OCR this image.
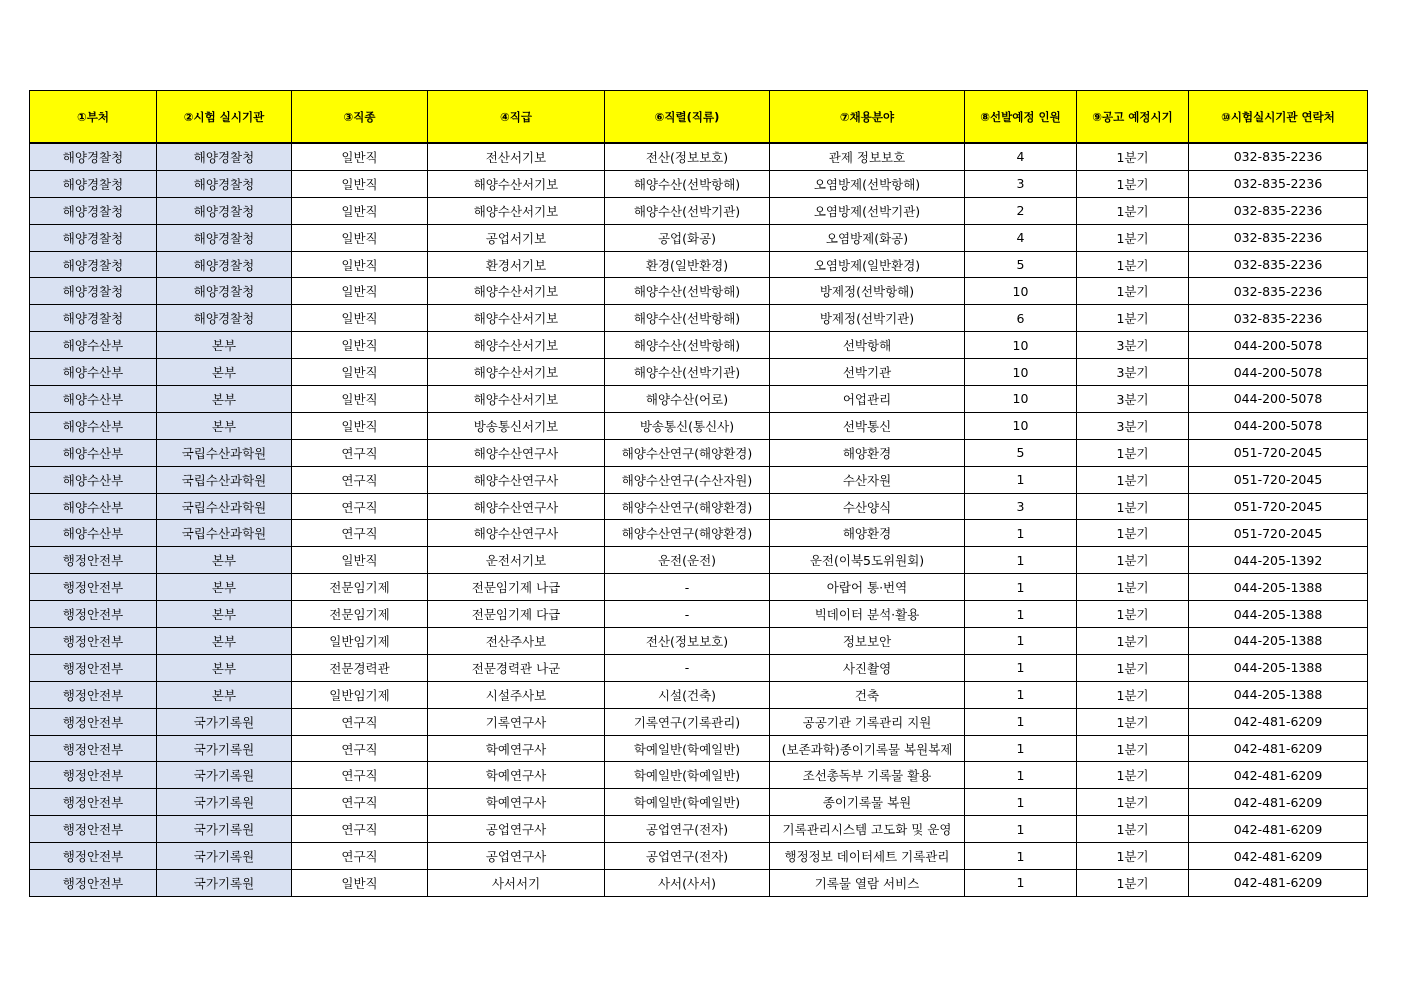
①부처	②시험 실시기관	③직종	④직급	⑥직렬(직류)	⑦채용분야	⑧선발예정 인원	⑨공고 예정시기	⑩시험실시기관 연락처
해양경찰청	해양경찰청	일반직	전산서기보	전산(정보보호)	관제 정보보호	4	1분기	032-835-2236
해양경찰청	해양경찰청	일반직	해양수산서기보	해양수산(선박항해)	오염방제(선박항해)	3	1분기	032-835-2236
해양경찰청	해양경찰청	일반직	해양수산서기보	해양수산(선박기관)	오염방제(선박기관)	2	1분기	032-835-2236
해양경찰청	해양경찰청	일반직	공업서기보	공업(화공)	오염방제(화공)	4	1분기	032-835-2236
해양경찰청	해양경찰청	일반직	환경서기보	환경(일반환경)	오염방제(일반환경)	5	1분기	032-835-2236
해양경찰청	해양경찰청	일반직	해양수산서기보	해양수산(선박항해)	방제정(선박항해)	10	1분기	032-835-2236
해양경찰청	해양경찰청	일반직	해양수산서기보	해양수산(선박항해)	방제정(선박기관)	6	1분기	032-835-2236
해양수산부	본부	일반직	해양수산서기보	해양수산(선박항해)	선박항해	10	3분기	044-200-5078
해양수산부	본부	일반직	해양수산서기보	해양수산(선박기관)	선박기관	10	3분기	044-200-5078
해양수산부	본부	일반직	해양수산서기보	해양수산(어로)	어업관리	10	3분기	044-200-5078
해양수산부	본부	일반직	방송통신서기보	방송통신(통신사)	선박통신	10	3분기	044-200-5078
해양수산부	국립수산과학원	연구직	해양수산연구사	해양수산연구(해양환경)	해양환경	5	1분기	051-720-2045
해양수산부	국립수산과학원	연구직	해양수산연구사	해양수산연구(수산자원)	수산자원	1	1분기	051-720-2045
해양수산부	국립수산과학원	연구직	해양수산연구사	해양수산연구(해양환경)	수산양식	3	1분기	051-720-2045
해양수산부	국립수산과학원	연구직	해양수산연구사	해양수산연구(해양환경)	해양환경	1	1분기	051-720-2045
행정안전부	본부	일반직	운전서기보	운전(운전)	운전(이북5도위원회)	1	1분기	044-205-1392
행정안전부	본부	전문임기제	전문임기제 나급	-	아랍어 통·번역	1	1분기	044-205-1388
행정안전부	본부	전문임기제	전문임기제 다급	-	빅데이터 분석·활용	1	1분기	044-205-1388
행정안전부	본부	일반임기제	전산주사보	전산(정보보호)	정보보안	1	1분기	044-205-1388
행정안전부	본부	전문경력관	전문경력관 나군	-	사진촬영	1	1분기	044-205-1388
행정안전부	본부	일반임기제	시설주사보	시설(건축)	건축	1	1분기	044-205-1388
행정안전부	국가기록원	연구직	기록연구사	기록연구(기록관리)	공공기관 기록관리 지원	1	1분기	042-481-6209
행정안전부	국가기록원	연구직	학예연구사	학예일반(학예일반)	(보존과학)종이기록물 복원복제	1	1분기	042-481-6209
행정안전부	국가기록원	연구직	학예연구사	학예일반(학예일반)	조선총독부 기록물 활용	1	1분기	042-481-6209
행정안전부	국가기록원	연구직	학예연구사	학예일반(학예일반)	종이기록물 복원	1	1분기	042-481-6209
행정안전부	국가기록원	연구직	공업연구사	공업연구(전자)	기록관리시스템 고도화 및 운영	1	1분기	042-481-6209
행정안전부	국가기록원	연구직	공업연구사	공업연구(전자)	행정정보 데이터세트 기록관리	1	1분기	042-481-6209
행정안전부	국가기록원	일반직	사서서기	사서(사서)	기록물 열람 서비스	1	1분기	042-481-6209
